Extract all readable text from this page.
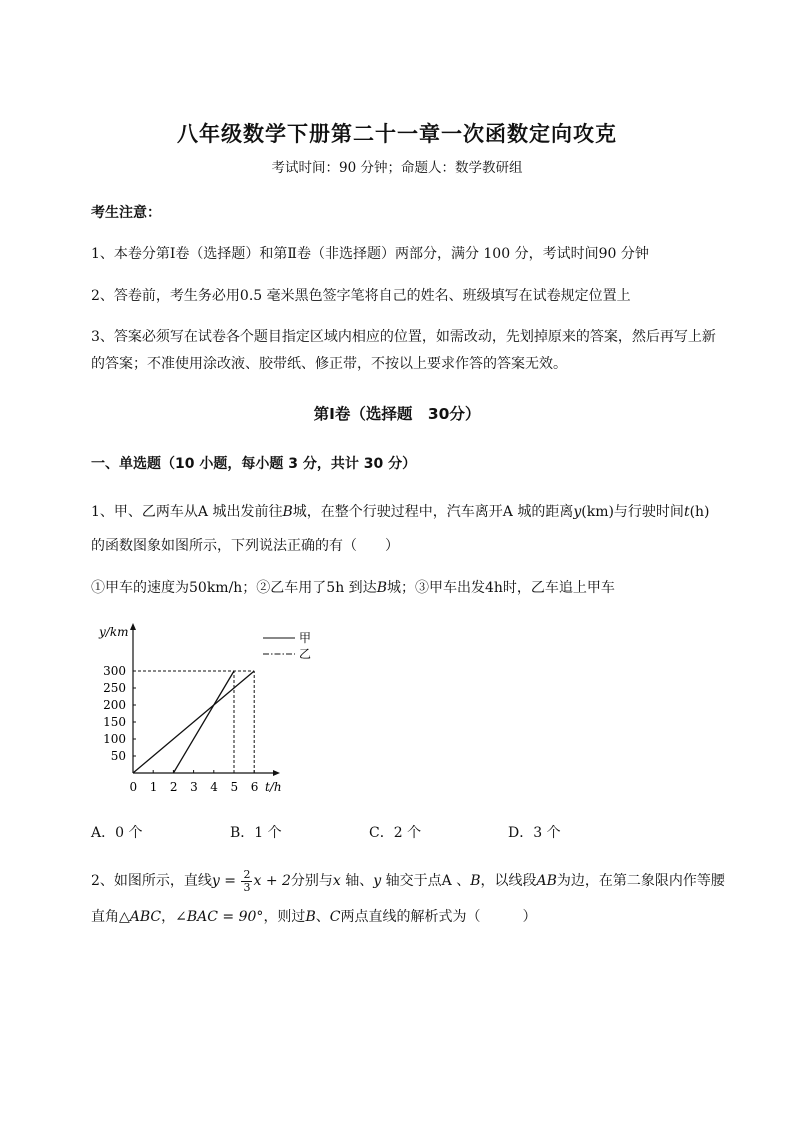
八年级数学下册第二十一章一次函数定向攻克
考试时间：90 分钟；命题人：数学教研组
考生注意：
1、本卷分第Ⅰ卷（选择题）和第Ⅱ卷（非选择题）两部分，满分 100 分，考试时间90 分钟
2、答卷前，考生务必用0.5 毫米黑色签字笔将自己的姓名、班级填写在试卷规定位置上
3、答案必须写在试卷各个题目指定区域内相应的位置，如需改动，先划掉原来的答案，然后再写上新
的答案；不准使用涂改液、胶带纸、修正带，不按以上要求作答的答案无效。
第Ⅰ卷（选择题　30分）
一、单选题（10 小题，每小题 3 分，共计 30 分）
1、甲、乙两车从A 城出发前往B城，在整个行驶过程中，汽车离开A 城的距离y(km)与行驶时间t(h)
的函数图象如图所示，下列说法正确的有（　　）
①甲车的速度为50km/h；②乙车用了5h 到达B城；③甲车出发4h时，乙车追上甲车
y/km
t/h
0 1 2 3 4 5 6
50
100
150
200
250
300
甲
乙
A．0 个	B．1 个	C．2 个	D．3 个
2、如图所示，直线$y = \frac{2}{3}$ x + 2分别与x 轴、y 轴交于点A 、B，以线段AB为边，在第二象限内作等腰
直角△ABC，∠BAC = 90°，则过B、C两点直线的解析式为（　　　）
